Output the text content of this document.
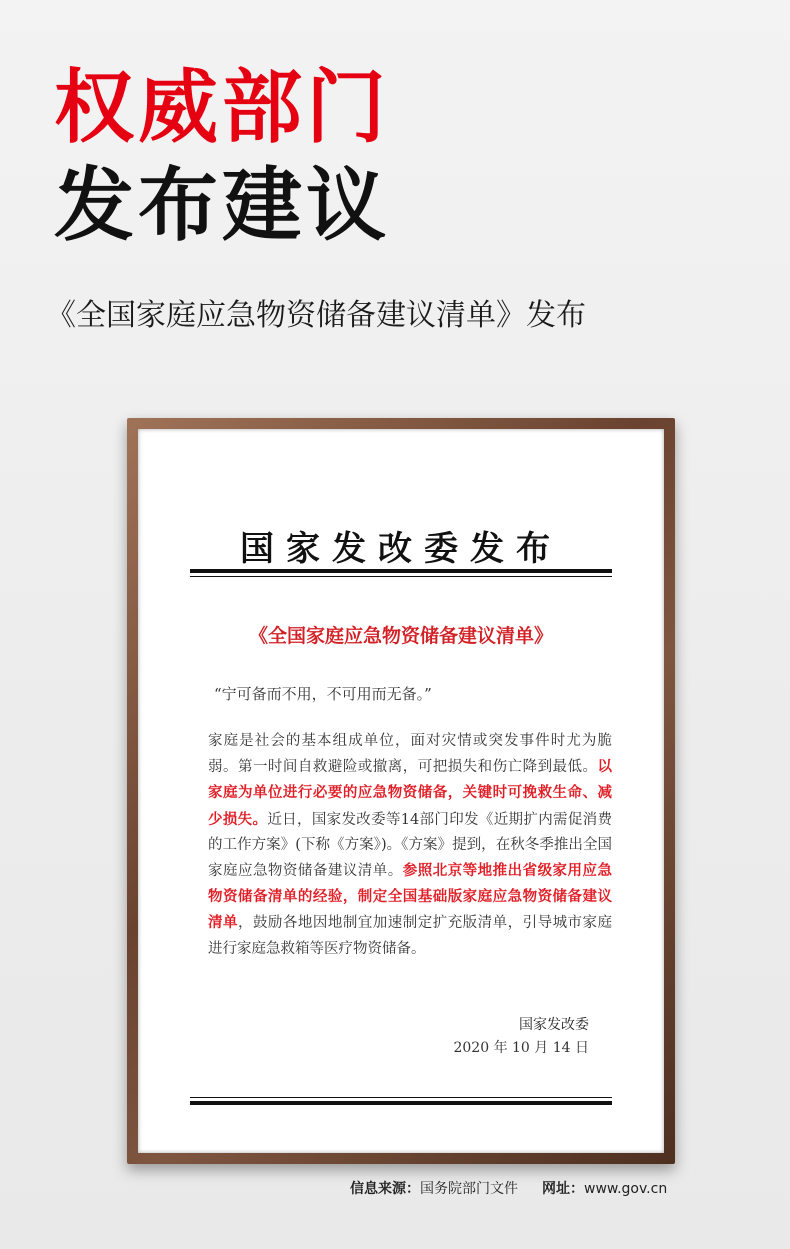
权威部门
发布建议

《全国家庭应急物资储备建议清单》发布

国家发改委发布

《全国家庭应急物资储备建议清单》

“宁可备而不用，不可用而无备。”

家庭是社会的基本组成单位，面对灾情或突发事件时尤为脆弱。第一时间自救避险或撤离，可把损失和伤亡降到最低。以家庭为单位进行必要的应急物资储备，关键时可挽救生命、减少损失。近日，国家发改委等14部门印发《近期扩内需促消费的工作方案》(下称《方案》)。《方案》提到，在秋冬季推出全国家庭应急物资储备建议清单。参照北京等地推出省级家用应急物资储备清单的经验，制定全国基础版家庭应急物资储备建议清单，鼓励各地因地制宜加速制定扩充版清单，引导城市家庭进行家庭急救箱等医疗物资储备。

国家发改委

2020 年 10 月 14 日

信息来源：国务院部门文件 网址：www.gov.cn
